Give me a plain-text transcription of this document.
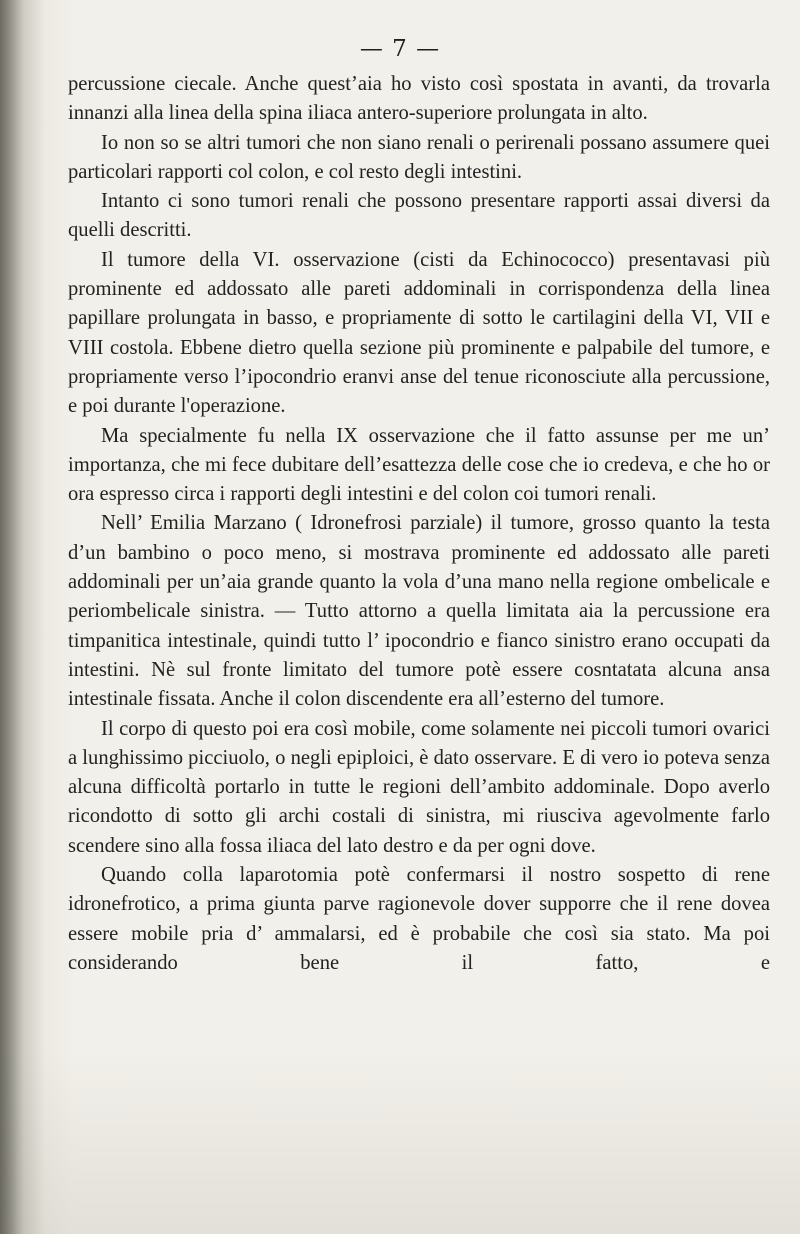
— 7 —

percussione ciecale. Anche quest’aia ho visto così spostata in avanti, da trovarla innanzi alla linea della spina iliaca antero-superiore prolungata in alto.

Io non so se altri tumori che non siano renali o perirenali possano assumere quei particolari rapporti col colon, e col resto degli intestini.

Intanto ci sono tumori renali che possono presentare rapporti assai diversi da quelli descritti.

Il tumore della VI. osservazione (cisti da Echinococco) presentavasi più prominente ed addossato alle pareti addominali in corrispondenza della linea papillare prolungata in basso, e propriamente di sotto le cartilagini della VI, VII e VIII costola. Ebbene dietro quella sezione più prominente e palpabile del tumore, e propriamente verso l’ipocondrio eranvi anse del tenue riconosciute alla percussione, e poi durante l'operazione.

Ma specialmente fu nella IX osservazione che il fatto assunse per me un’ importanza, che mi fece dubitare dell’esattezza delle cose che io credeva, e che ho or ora espresso circa i rapporti degli intestini e del colon coi tumori renali.

Nell’ Emilia Marzano ( Idronefrosi parziale) il tumore, grosso quanto la testa d’un bambino o poco meno, si mostrava prominente ed addossato alle pareti addominali per un’aia grande quanto la vola d’una mano nella regione ombelicale e periombelicale sinistra. — Tutto attorno a quella limitata aia la percussione era timpanitica intestinale, quindi tutto l’ ipocondrio e fianco sinistro erano occupati da intestini. Nè sul fronte limitato del tumore potè essere cosntatata alcuna ansa intestinale fissata. Anche il colon discendente era all’esterno del tumore.

Il corpo di questo poi era così mobile, come solamente nei piccoli tumori ovarici a lunghissimo picciuolo, o negli epiploici, è dato osservare. E di vero io poteva senza alcuna difficoltà portarlo in tutte le regioni dell’ambito addominale. Dopo averlo ricondotto di sotto gli archi costali di sinistra, mi riusciva agevolmente farlo scendere sino alla fossa iliaca del lato destro e da per ogni dove.

Quando colla laparotomia potè confermarsi il nostro sospetto di rene idronefrotico, a prima giunta parve ragionevole dover supporre che il rene dovea essere mobile pria d’ ammalarsi, ed è probabile che così sia stato. Ma poi considerando bene il fatto, e
